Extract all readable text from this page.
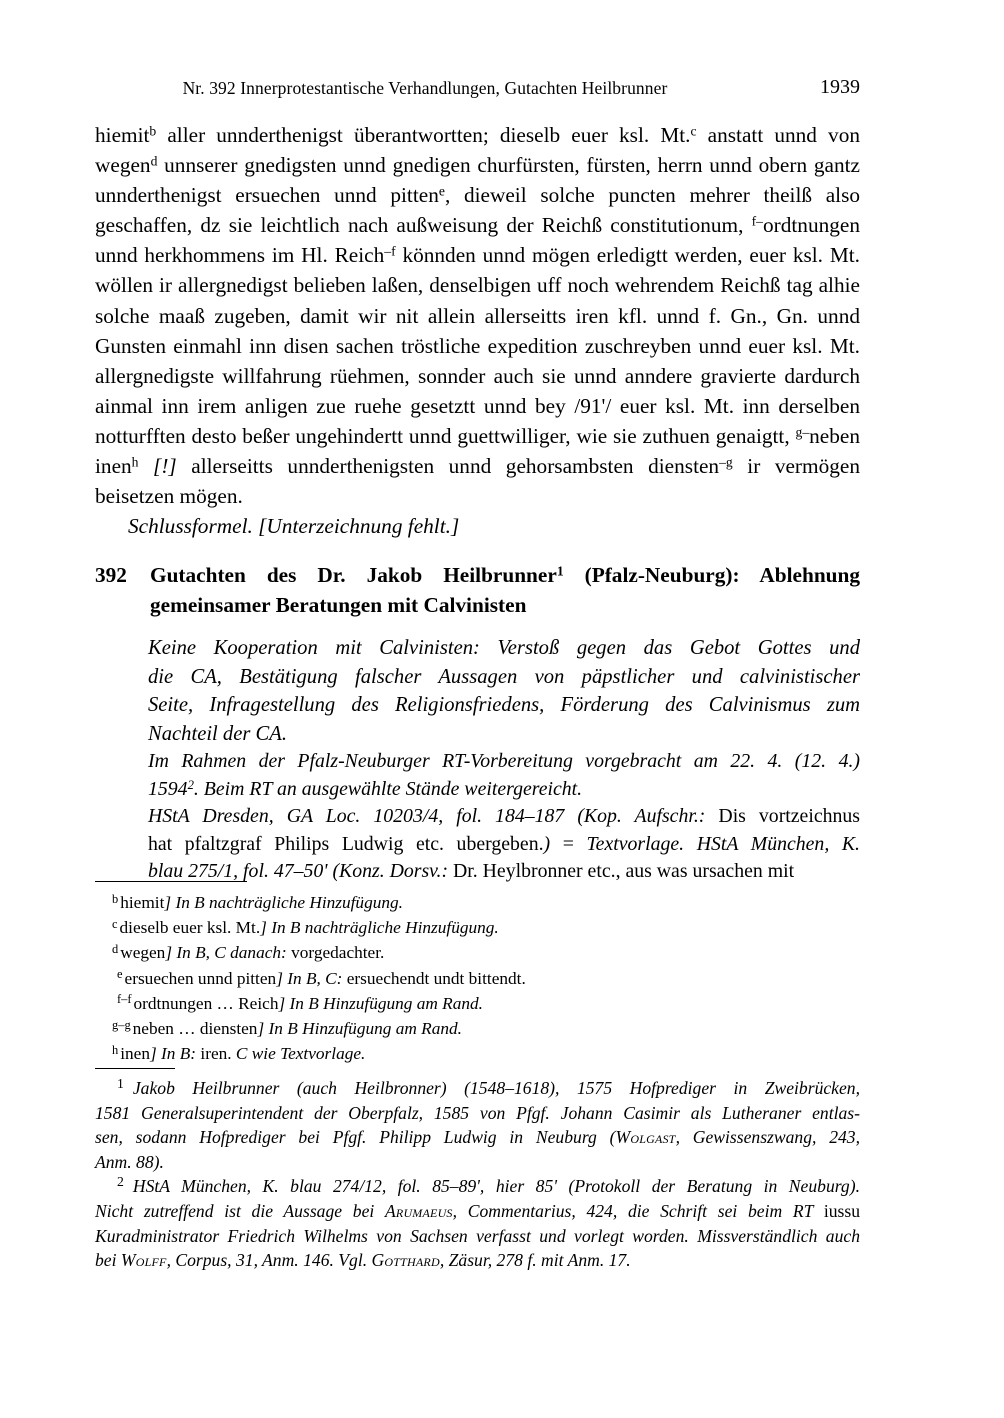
Nr. 392 Innerprotestantische Verhandlungen, Gutachten Heilbrunner	1939

hiemit$^b$ aller unnderthenigst überantwortten; dieselb euer ksl. Mt.$^c$ anstatt unnd von wegen$^d$ unnserer gnedigsten unnd gnedigen churfürsten, fürsten, herrn unnd obern gantz unnderthenigst ersuechen unnd pitten$^e$, dieweil solche puncten mehrer theilß also geschaffen, dz sie leichtlich nach außweisung der Reichß constitutionum, $^{f-}$ordtnungen unnd herkhommens im Hl. Reich$^{-f}$ könnden unnd mögen erledigtt werden, euer ksl. Mt. wöllen ir allergnedigst belieben laßen, denselbigen uff noch wehrendem Reichß tag alhie solche maaß zugeben, damit wir nit allein allerseitts iren kfl. unnd f. Gn., Gn. unnd Gunsten einmahl inn disen sachen tröstliche expedition zuschreyben unnd euer ksl. Mt. allergnedigste willfahrung rüehmen, sonnder auch sie unnd anndere gravierte dardurch ainmal inn irem anligen zue ruehe gesetztt unnd bey /91'/ euer ksl. Mt. inn derselben notturfften desto beßer ungehindertt unnd guettwilliger, wie sie zuthuen genaigtt, $^{g-}$neben inen$^h$ [!] allerseitts unnderthenigsten unnd gehorsambsten diensten$^{-g}$ ir vermögen beisetzen mögen.

Schlussformel. [Unterzeichnung fehlt.]

392	Gutachten des Dr. Jakob Heilbrunner$^1$ (Pfalz-Neuburg): Ablehnung
gemeinsamer Beratungen mit Calvinisten
Keine Kooperation mit Calvinisten: Verstoß gegen das Gebot Gottes und
die CA, Bestätigung falscher Aussagen von päpstlicher und calvinistischer
Seite, Infragestellung des Religionsfriedens, Förderung des Calvinismus zum
Nachteil der CA.
Im Rahmen der Pfalz-Neuburger RT-Vorbereitung vorgebracht am 22. 4. (12. 4.)
1594$^2$. Beim RT an ausgewählte Stände weitergereicht.
HStA Dresden, GA Loc. 10203/4, fol. 184–187 (Kop. Aufschr.: Dis vortzeichnus
hat pfaltzgraf Philips Ludwig etc. ubergeben.) = Textvorlage. HStA München, K.
blau 275/1, fol. 47–50' (Konz. Dorsv.: Dr. Heylbronner etc., aus was ursachen mit
$^b$ hiemit] In B nachträgliche Hinzufügung.
$^c$ dieselb euer ksl. Mt.] In B nachträgliche Hinzufügung.
$^d$ wegen] In B, C danach: vorgedachter.
$^e$ ersuechen unnd pitten] In B, C: ersuechendt undt bittendt.
$^{f-f}$ ordtnungen … Reich] In B Hinzufügung am Rand.
$^{g-g}$ neben … diensten] In B Hinzufügung am Rand.
$^h$ inen] In B: iren. C wie Textvorlage.
$^1$ Jakob Heilbrunner (auch Heilbronner) (1548–1618), 1575 Hofprediger in Zweibrücken,
1581 Generalsuperintendent der Oberpfalz, 1585 von Pfgf. Johann Casimir als Lutheraner entlas-
sen, sodann Hofprediger bei Pfgf. Philipp Ludwig in Neuburg (Wolgast, Gewissenszwang, 243,
Anm. 88).
$^2$ HStA München, K. blau 274/12, fol. 85–89', hier 85' (Protokoll der Beratung in Neuburg).
Nicht zutreffend ist die Aussage bei Arumaeus, Commentarius, 424, die Schrift sei beim RT iussu
Kuradministrator Friedrich Wilhelms von Sachsen verfasst und vorlegt worden. Missverständlich auch
bei Wolff, Corpus, 31, Anm. 146. Vgl. Gotthard, Zäsur, 278 f. mit Anm. 17.
